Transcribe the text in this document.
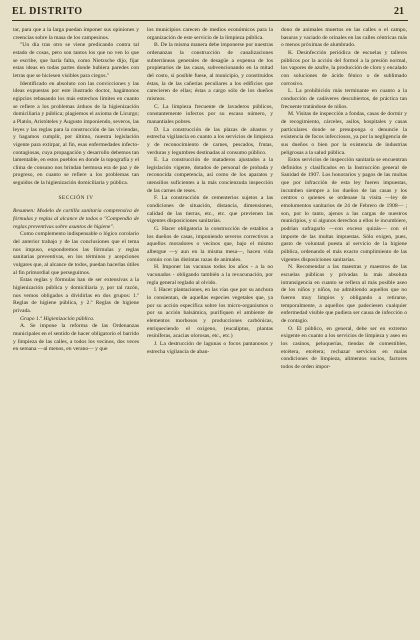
EL DISTRITO	21

tar, para que a la larga puedan imponer sus opiniones y creencias sobre la masa de los campesinos.

"Un día tras otro se viene predicando contra tal estado de cosas, pero son tantos los que no ven lo que se escribe, que haría falta, como Nietzsche dijo, fijar estas ideas en todas partes donde hubiera paredes con letras que se hiciesen visibles para ciegos."

Identificado en absoluto con las convicciones y las ideas expuestas por este ilustrado doctor, hagámonos egipcios rebasando los más estrechos límites en cuanto se refiere a los problemas árduos de la higienización domiciliaria y pública; plagiemos el axioma de Licurgo; a Platón, Aristóteles y Augusto imponiendo, severos, las leyes y las reglas para la construcción de las viviendas, y hagamos cumplir, por último, nuestra legislación vigente para extirpar, al fin, esas enfermedades infecto-contagiosas, cuya propagación y desarrollo debemos tan lamentable, en estos pueblos en donde la topografía y el clima de consuno nos brindan hermosa era de paz y de progreso, en cuanto se refiere a los problemas tan seguidos de la higienización domiciliaria y pública.

SECCIÓN IV

Resumen: Modelo de cartilla sanitaria comprensiva de fórmulas y reglas al alcance de todos o "Compendio de reglas preventivas sobre asuntos de higiene".

Como complemento indispensable o lógico corolario del anterior trabajo y de las conclusiones que el tema nos impuso, expondremos las fórmulas y reglas sanitarias preventivas, en los términos y acepciones vulgares que, al alcance de todos, puedan hacerlas útiles al fin primordial que perseguimos.

Estas reglas y fórmulas han de ser extensivas a la higienización pública y domiciliaria y, por tal razón, nos vemos obligados a dividirlas en dos grupos: 1.º Reglas de higiene pública, y 2.º Reglas de higiene privada.

Grupo 1.º Higienización pública.

A. Se impone la reforma de las Ordenanzas municipales en el sentido de hacer obligatorio el barrido y limpieza de las calles, a todos los vecinos, dos veces en semana —al menos, en verano— y que

los municipios carecen de medios económicos para la organización de este servicio de la limpieza pública.

B. De la misma manera debe imponerse por nuestras ordenanzas la construcción de canalizaciones subterráneas generales de desagüe a expensa de los propietarios de las casas, subvencionando en la mitad del costo, si posible fuese, al municipio, y constituidos éstas, la de las cañerías peculiares a los edificios que carecieren de ellas; éstas a cargo sólo de los dueños mismos.

C. La limpieza frecuente de lavaderos públicos, constantemente infectos por su escaso número, y manantiales pobres.

D. La construcción de las plazas de abastos y estrecha vigilancia en cuanto a los servicios de limpieza y de reconocimiento de carnes, pescados, frutas, verduras y legumbres destinadas al consumo público.

E. La construcción de mataderos ajustados a la legislación vigente, dotados de personal de probada y reconocida competencia, así como de los aparatos y utensilios suficientes a la más concienzuda inspección de las carnes de reses.

F. La construcción de cementerios sujetos a las condiciones de situación, distancia, dimensiones, calidad de las tierras, etc., etc. que previenen las vigentes disposiciones sanitarias.

G. Hacer obligatoria la construcción de establos a los dueños de casas, imponiendo severos correctivos a aquellos moradores o vecinos que, bajo el mismo albergue —y aun en la misma mesa—, hacen vida común con las distintas razas de animales.

H. Imponer las vacunas todos los años - a la no vacunados - obligando también a la revacunación, por regla general reglado al olvido.

I. Hacer plantaciones, en las vías que por su anchura lo consientan, de aquellas especies vegetales que, ya por su acción específica sobre los micro-organismos o por su acción balsámica, purifiquen el ambiente de elementos morbosos y producciones carbónicas, enriqueciendo el oxígeno, (eucaliptus, plantas resiníferas, acacias olorosas, etc., etc.)

J. La destrucción de lagunas o focos pantanosos y estrecha vigilancia de aban-

dono de animales muertos en las calles o el campo, basuras y vaciado de orinales en las calles céntricas más o menos próximas de alumbrado.

K. Desinfección periódica de escuelas y talleres públicos por la acción del formol a la presión normal, los vapores de azufre, la producción de cloro y encalado con soluciones de ácido fénico o de sublimado corrosivo.

L. La prohibición más terminante en cuanto a la conducción de cadáveres descubiertos, de práctica tan frecuente tratándose de niños.

M. Visitas de inspección a fondas, casas de dormir y de recogimiento, cárceles, asilos, hospitales y casas particulares donde se presuponga o denuncie la existencia de focos infecciosos, ya por la negligencia de sus dueños o bien por la existencia de industrias peligrosas a la salud pública.

Estos servicios de inspección sanitaria se encuentran definidos y clasificados en la Instrucción general de Sanidad de 1907. Los honorarios y pagos de las multas que por infracción de esta ley fueren impuestas, incumben siempre a los dueños de las casas y los centros o quienes se ordenase la visita —ley de emolumentos sanitarios de 24 de Febrero de 1908— ; son, por lo tanto, ajenos a las cargas de nuestros municipios, y si algunos derechos a ellos le incumbiere, podrían sufragarlo —con exceso quizás— con el importe de las multas impuestas. Sólo exigen, pues, gasto de voluntad puesta al servicio de la higiene pública, ordenando el más exacto cumplimiento de las vigentes disposiciones sanitarias.

N. Recomendar a las maestras y maestros de las escuelas públicas y privadas la más absoluta intransigencia en cuanto se refiera al más posible aseo de los niños y niños, no admitiendo aquellos que no fueren muy limpios y obligando a retirarse, temporalmente, a aquellos que padeciesen cualquier enfermedad visible que pudiera ser causa de infección o de contagio.

O. El público, en general, debe ser en extremo exigente en cuanto a los servicios de limpieza y aseo en los casinos, peluquerías, tiendas de comestibles, etcétera, etcétera; rechazar servicios en malas condiciones de limpieza, alimentos sucios, factores todos de orden impor-
